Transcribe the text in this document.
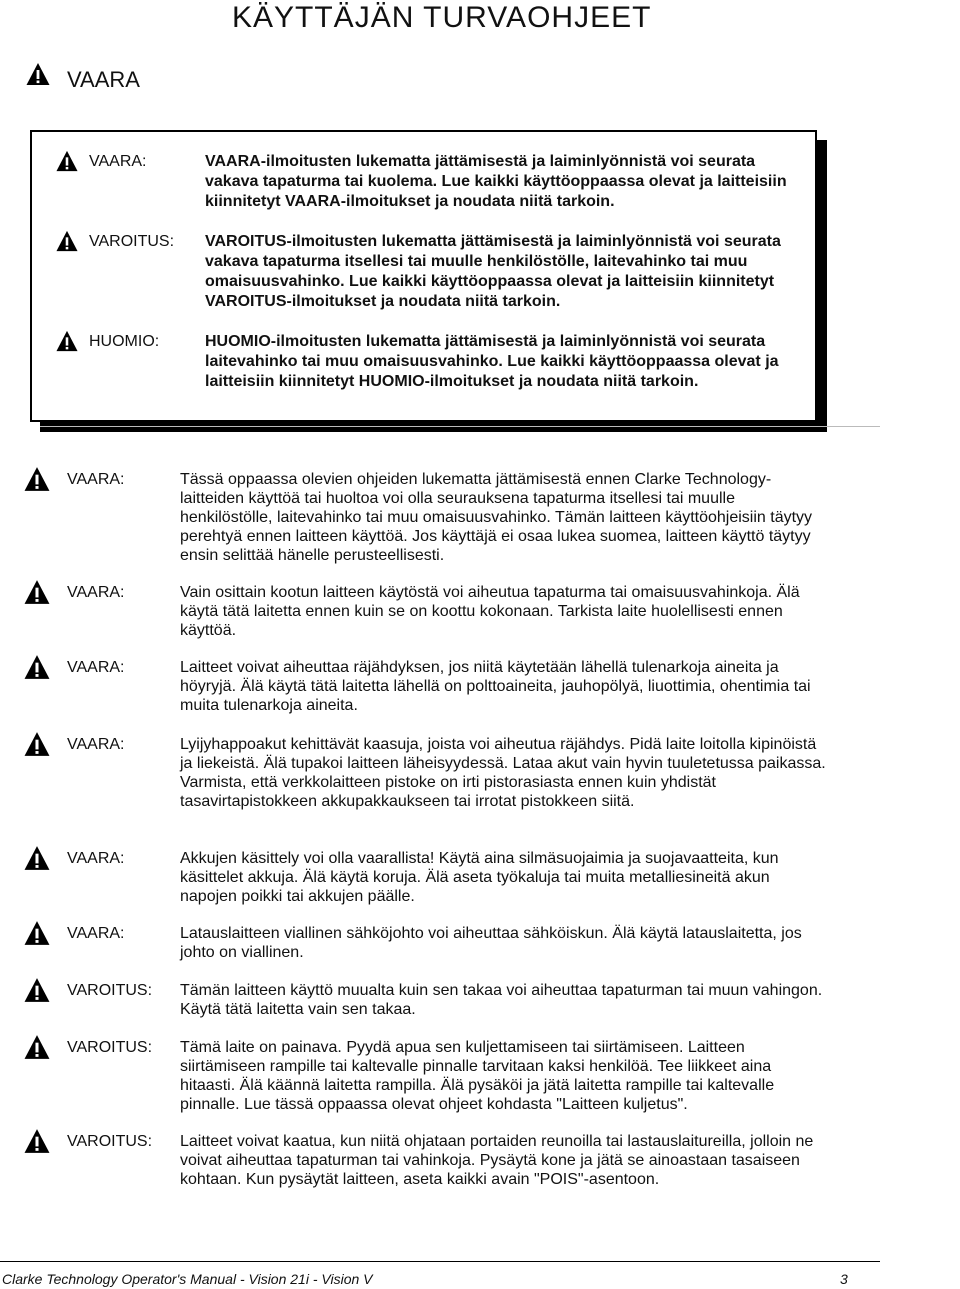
KÄYTTÄJÄN TURVAOHJEET
VAARA
VAARA:	VAARA-ilmoitusten lukematta jättämisestä ja laiminlyönnistä voi seurata vakava tapaturma tai kuolema. Lue kaikki käyttöoppaassa olevat ja laitteisiin kiinnitetyt VAARA-ilmoitukset ja noudata niitä tarkoin.

VAROITUS: VAROITUS-ilmoitusten lukematta jättämisestä ja laiminlyönnistä voi seurata vakava tapaturma itsellesi tai muulle henkilöstölle, laitevahinko tai muu omaisuusvahinko. Lue kaikki käyttöoppaassa olevat ja laitteisiin kiinnitetyt VAROITUS-ilmoitukset ja noudata niitä tarkoin.

HUOMIO:	HUOMIO-ilmoitusten lukematta jättämisestä ja laiminlyönnistä voi seurata laitevahinko tai muu omaisuusvahinko. Lue kaikki käyttöoppaassa olevat ja laitteisiin kiinnitetyt HUOMIO-ilmoitukset ja noudata niitä tarkoin.

VAARA:	Tässä oppaassa olevien ohjeiden lukematta jättämisestä ennen Clarke Technology-laitteiden käyttöä tai huoltoa voi olla seurauksena tapaturma itsellesi tai muulle henkilöstölle, laitevahinko tai muu omaisuusvahinko. Tämän laitteen käyttöohjeisiin täytyy perehtyä ennen laitteen käyttöä. Jos käyttäjä ei osaa lukea suomea, laitteen käyttö täytyy ensin selittää hänelle perusteellisesti.

VAARA:	Vain osittain kootun laitteen käytöstä voi aiheutua tapaturma tai omaisuusvahinkoja. Älä käytä tätä laitetta ennen kuin se on koottu kokonaan. Tarkista laite huolellisesti ennen käyttöä.

VAARA:	Laitteet voivat aiheuttaa räjähdyksen, jos niitä käytetään lähellä tulenarkoja aineita ja höyryjä. Älä käytä tätä laitetta lähellä on polttoaineita, jauhopölyä, liuottimia, ohentimia tai muita tulenarkoja aineita.

VAARA:	Lyijyhappoakut kehittävät kaasuja, joista voi aiheutua räjähdys. Pidä laite loitolla kipinöistä ja liekeistä. Älä tupakoi laitteen läheisyydessä. Lataa akut vain hyvin tuuletetussa paikassa. Varmista, että verkkolaitteen pistoke on irti pistorasiasta ennen kuin yhdistät tasavirtapistokkeen akkupakkaukseen tai irrotat pistokkeen siitä.

VAARA:	Akkujen käsittely voi olla vaarallista! Käytä aina silmäsuojaimia ja suojavaatteita, kun käsittelet akkuja. Älä käytä koruja. Älä aseta työkaluja tai muita metalliesineitä akun napojen poikki tai akkujen päälle.

VAARA:	Latauslaitteen viallinen sähköjohto voi aiheuttaa sähköiskun. Älä käytä latauslaitetta, jos johto on viallinen.

VAROITUS: Tämän laitteen käyttö muualta kuin sen takaa voi aiheuttaa tapaturman tai muun vahingon. Käytä tätä laitetta vain sen takaa.

VAROITUS: Tämä laite on painava. Pyydä apua sen kuljettamiseen tai siirtämiseen. Laitteen siirtämiseen rampille tai kaltevalle pinnalle tarvitaan kaksi henkilöä. Tee liikkeet aina hitaasti. Älä käännä laitetta rampilla. Älä pysäköi ja jätä laitetta rampille tai kaltevalle pinnalle. Lue tässä oppaassa olevat ohjeet kohdasta "Laitteen kuljetus".

VAROITUS: Laitteet voivat kaatua, kun niitä ohjataan portaiden reunoilla tai lastauslaitureilla, jolloin ne voivat aiheuttaa tapaturman tai vahinkoja. Pysäytä kone ja jätä se ainoastaan tasaiseen kohtaan. Kun pysäytät laitteen, aseta kaikki avain "POIS"-asentoon.

Clarke Technology Operator's Manual - Vision 21i - Vision V	3
